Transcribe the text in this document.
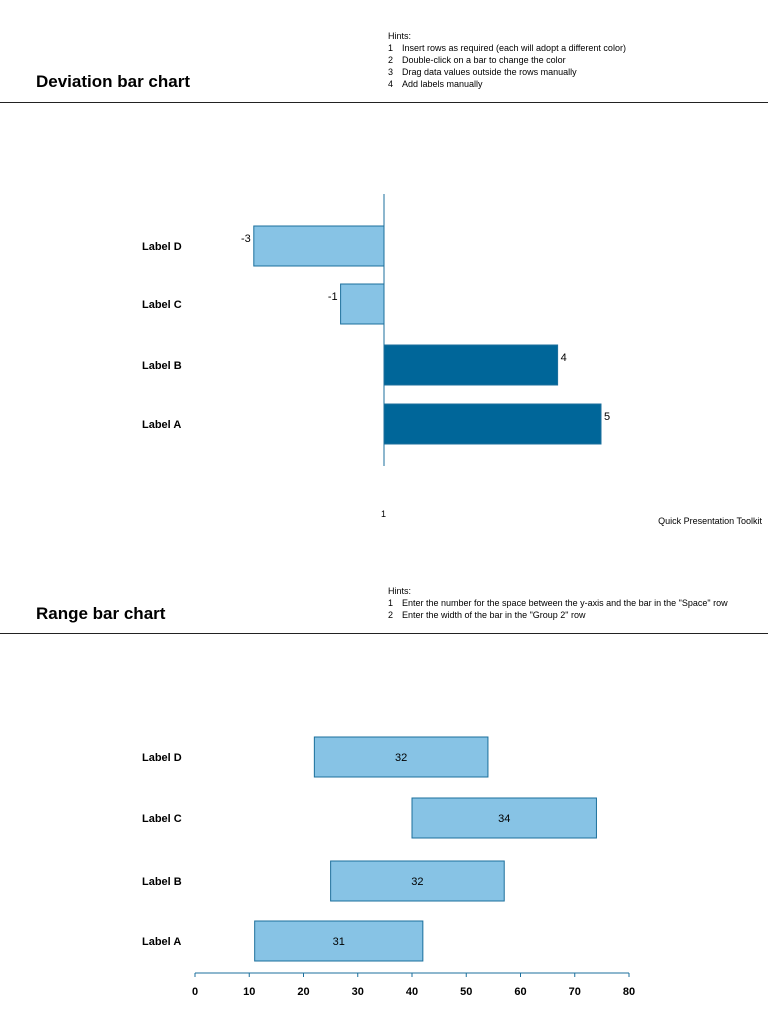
Hints:
1 Insert rows as required (each will adopt a different color)
2 Double-click on a bar to change the color
3 Drag data values outside the rows manually
4 Add labels manually
Deviation bar chart
Label A
5
Label B
4
Label C
-1
Label D
-3
1
Quick Presentation Toolkit
Hints:
1 Enter the number for the space between the y-axis and the bar in the "Space" row
2 Enter the width of the bar in the "Group 2" row
Range bar chart
31
Label A
32
Label B
34
Label C
32
Label D
0	10	20	30	40	50	60	70	80
